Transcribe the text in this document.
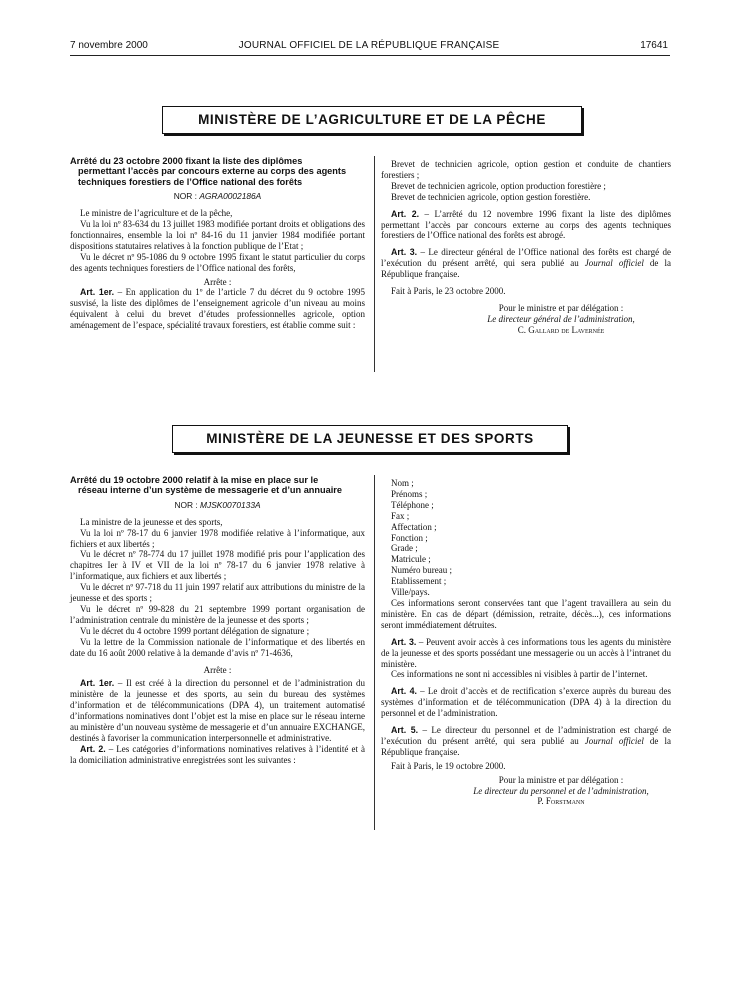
7 novembre 2000	JOURNAL OFFICIEL DE LA RÉPUBLIQUE FRANÇAISE	17641
MINISTÈRE DE L’AGRICULTURE ET DE LA PÊCHE

Arrêté du 23 octobre 2000 fixant la liste des diplômes
permettant l’accès par concours externe au corps des agents techniques forestiers de l’Office national des forêts

NOR : AGRA0002186A

Le ministre de l’agriculture et de la pêche,

Vu la loi nº 83-634 du 13 juillet 1983 modifiée portant droits et obligations des fonctionnaires, ensemble la loi nº 84-16 du 11 janvier 1984 modifiée portant dispositions statutaires relatives à la fonction publique de l’Etat ;

Vu le décret nº 95-1086 du 9 octobre 1995 fixant le statut particulier du corps des agents techniques forestiers de l’Office national des forêts,

Arrête :

Art. 1er. – En application du 1º de l’article 7 du décret du 9 octobre 1995 susvisé, la liste des diplômes de l’enseignement agricole d’un niveau au moins équivalent à celui du brevet d’études professionnelles agricole, option aménagement de l’espace, spécialité travaux forestiers, est établie comme suit :

Brevet de technicien agricole, option gestion et conduite de chantiers forestiers ;

Brevet de technicien agricole, option production forestière ;

Brevet de technicien agricole, option gestion forestière.

Art. 2. – L’arrêté du 12 novembre 1996 fixant la liste des diplômes permettant l’accès par concours externe au corps des agents techniques forestiers de l’Office national des forêts est abrogé.

Art. 3. – Le directeur général de l’Office national des forêts est chargé de l’exécution du présent arrêté, qui sera publié au Journal officiel de la République française.

Fait à Paris, le 23 octobre 2000.

Pour le ministre et par délégation :

Le directeur général de l’administration,

C. Gallard de Lavernée

MINISTÈRE DE LA JEUNESSE ET DES SPORTS

Arrêté du 19 octobre 2000 relatif à la mise en place sur le
réseau interne d’un système de messagerie et d’un annuaire

NOR : MJSK0070133A

La ministre de la jeunesse et des sports,

Vu la loi nº 78-17 du 6 janvier 1978 modifiée relative à l’informatique, aux fichiers et aux libertés ;

Vu le décret nº 78-774 du 17 juillet 1978 modifié pris pour l’application des chapitres Ier à IV et VII de la loi nº 78-17 du 6 janvier 1978 relative à l’informatique, aux fichiers et aux libertés ;

Vu le décret nº 97-718 du 11 juin 1997 relatif aux attributions du ministre de la jeunesse et des sports ;

Vu le décret nº 99-828 du 21 septembre 1999 portant organisation de l’administration centrale du ministère de la jeunesse et des sports ;

Vu le décret du 4 octobre 1999 portant délégation de signature ;

Vu la lettre de la Commission nationale de l’informatique et des libertés en date du 16 août 2000 relative à la demande d’avis nº 71-4636,

Arrête :

Art. 1er. – Il est créé à la direction du personnel et de l’administration du ministère de la jeunesse et des sports, au sein du bureau des systèmes d’information et de télécommunications (DPA 4), un traitement automatisé d’informations nominatives dont l’objet est la mise en place sur le réseau interne au ministère d’un nouveau système de messagerie et d’un annuaire EXCHANGE, destinés à favoriser la communication interpersonnelle et administrative.

Art. 2. – Les catégories d’informations nominatives relatives à l’identité et à la domiciliation administrative enregistrées sont les suivantes :

Nom ;

Prénoms ;

Téléphone ;

Fax ;

Affectation ;

Fonction ;

Grade ;

Matricule ;

Numéro bureau ;

Etablissement ;

Ville/pays.

Ces informations seront conservées tant que l’agent travaillera au sein du ministère. En cas de départ (démission, retraite, décès...), ces informations seront immédiatement détruites.

Art. 3. – Peuvent avoir accès à ces informations tous les agents du ministère de la jeunesse et des sports possédant une messagerie ou un accès à l’intranet du ministère.

Ces informations ne sont ni accessibles ni visibles à partir de l’internet.

Art. 4. – Le droit d’accès et de rectification s’exerce auprès du bureau des systèmes d’information et de télécommunication (DPA 4) à la direction du personnel et de l’administration.

Art. 5. – Le directeur du personnel et de l’administration est chargé de l’exécution du présent arrêté, qui sera publié au Journal officiel de la République française.

Fait à Paris, le 19 octobre 2000.

Pour la ministre et par délégation :

Le directeur du personnel et de l’administration,

P. Forstmann
